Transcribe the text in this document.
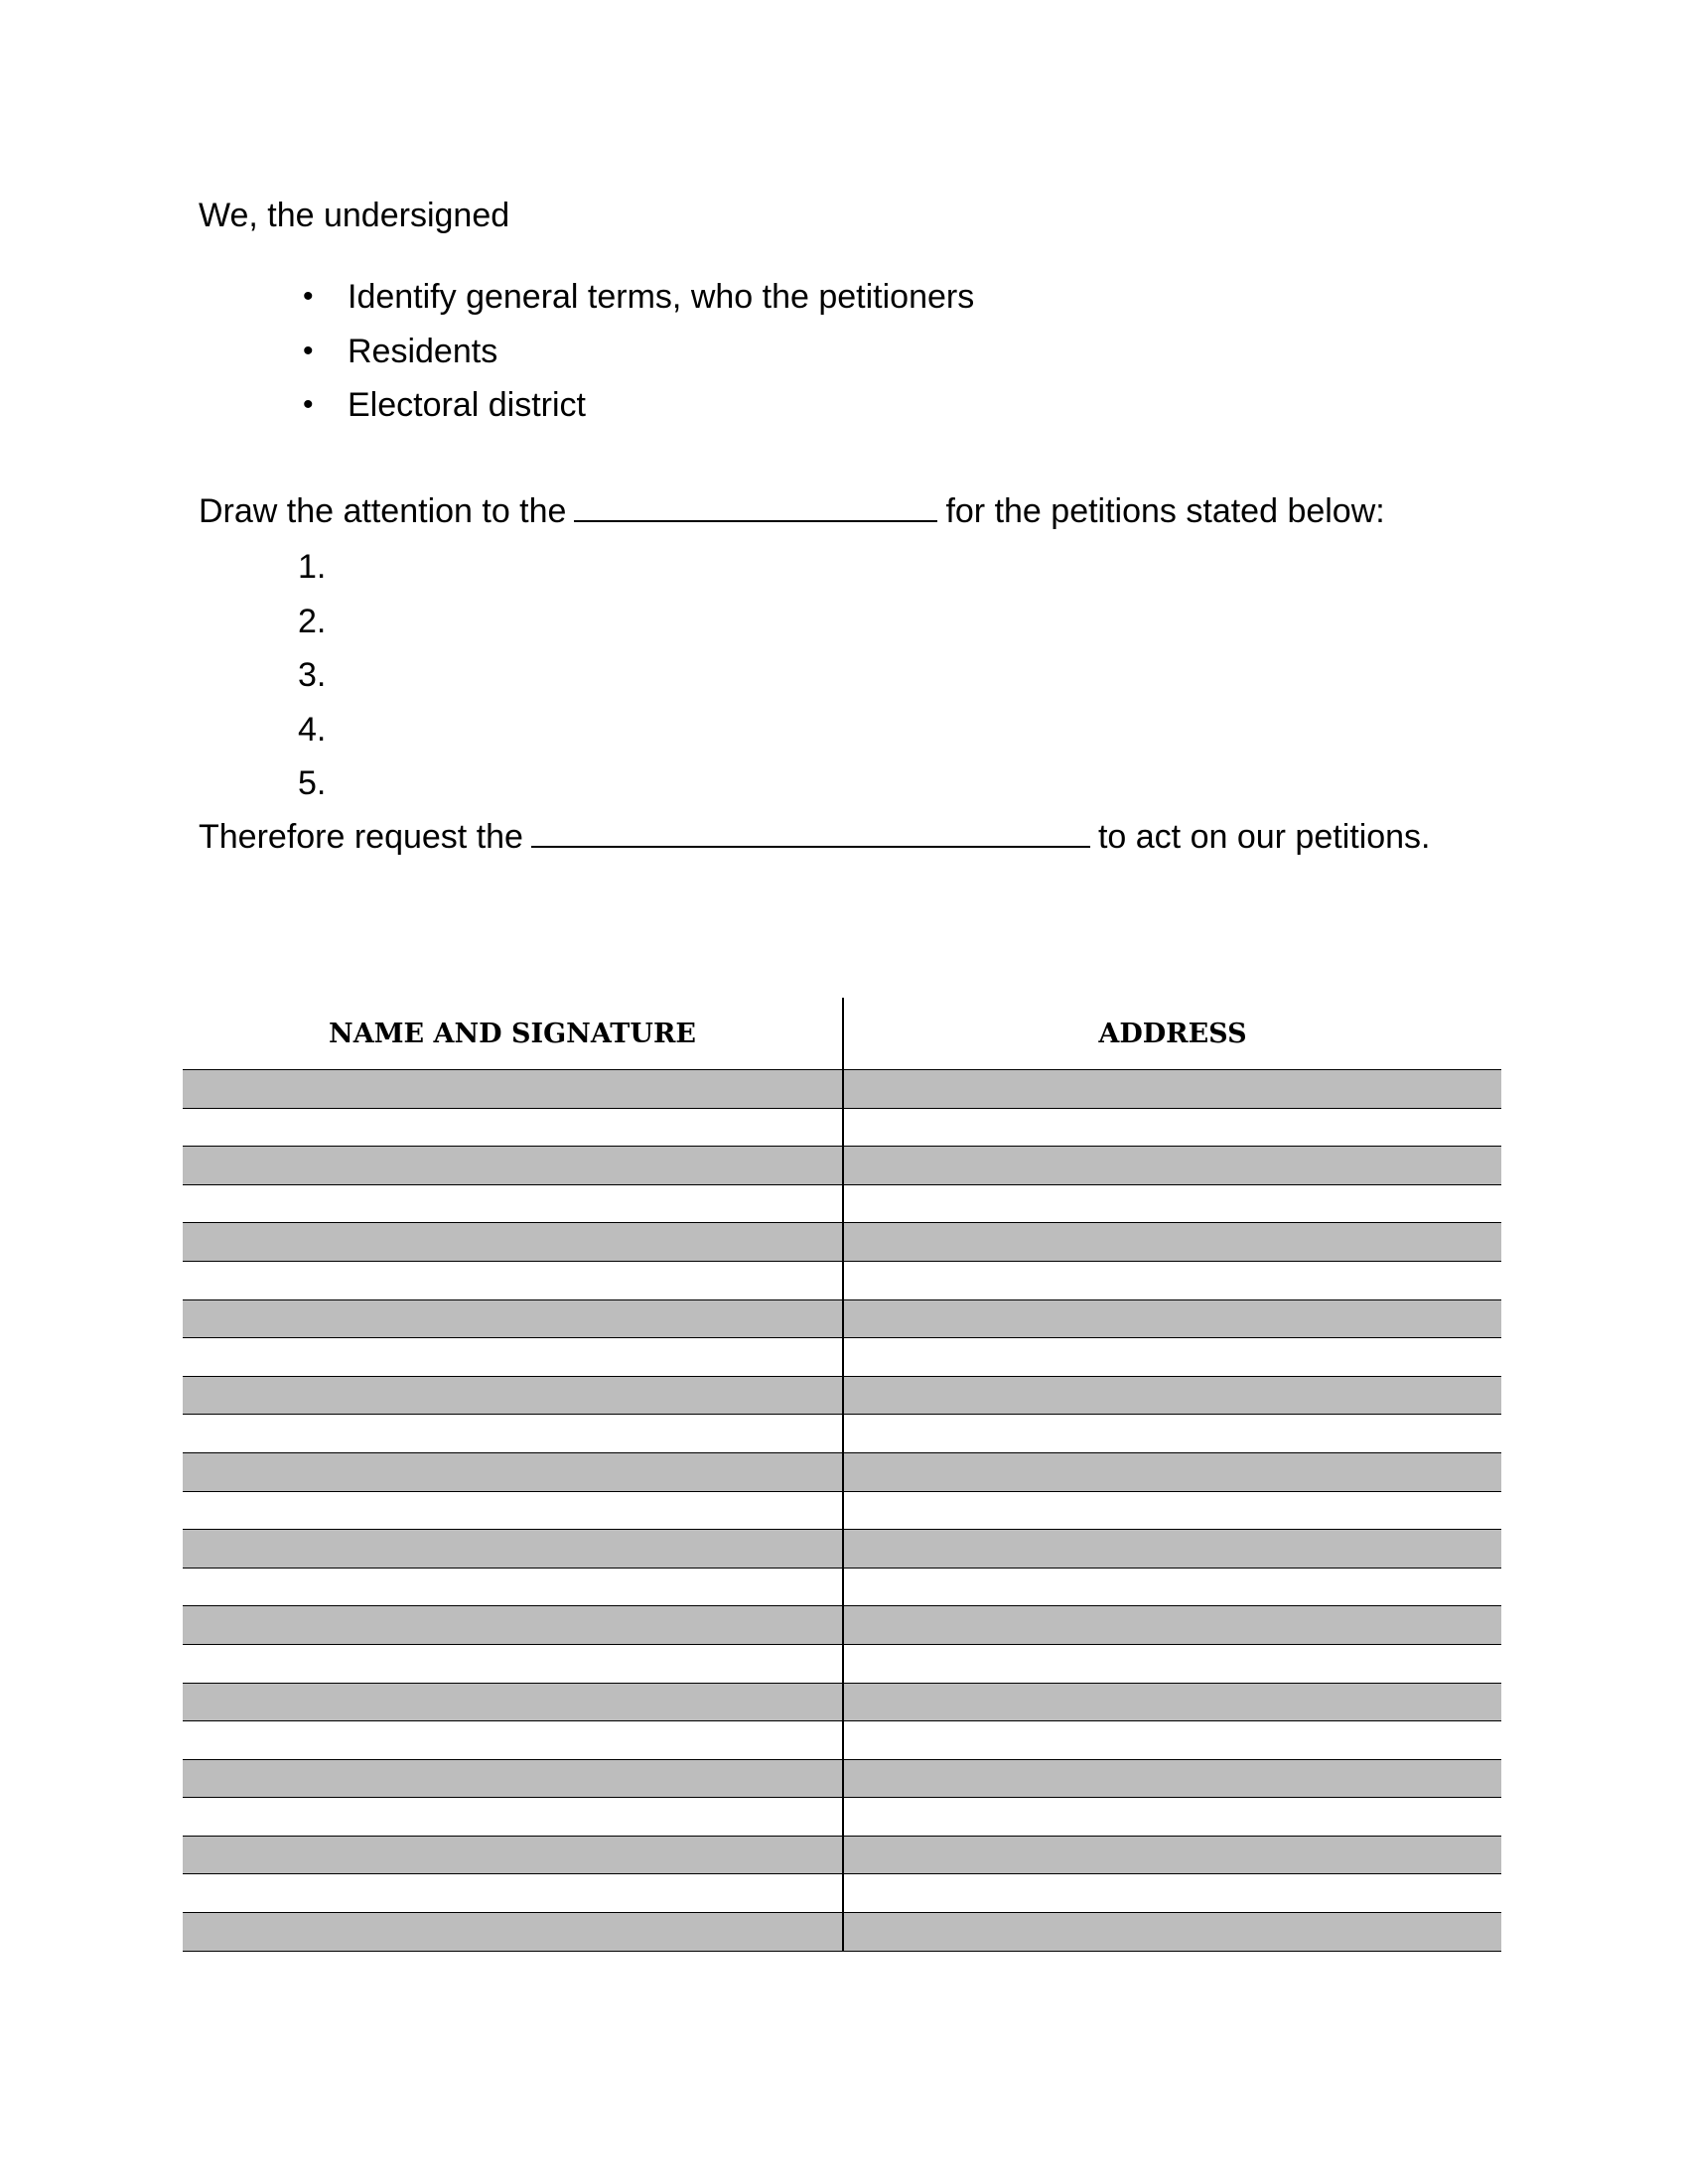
We, the undersigned

• Identify general terms, who the petitioners
• Residents
• Electoral district

Draw the attention to the	for the petitions stated below:

1.
2.
3.
4.
5.

Therefore request the	to act on our petitions.

NAME AND SIGNATURE	ADDRESS
